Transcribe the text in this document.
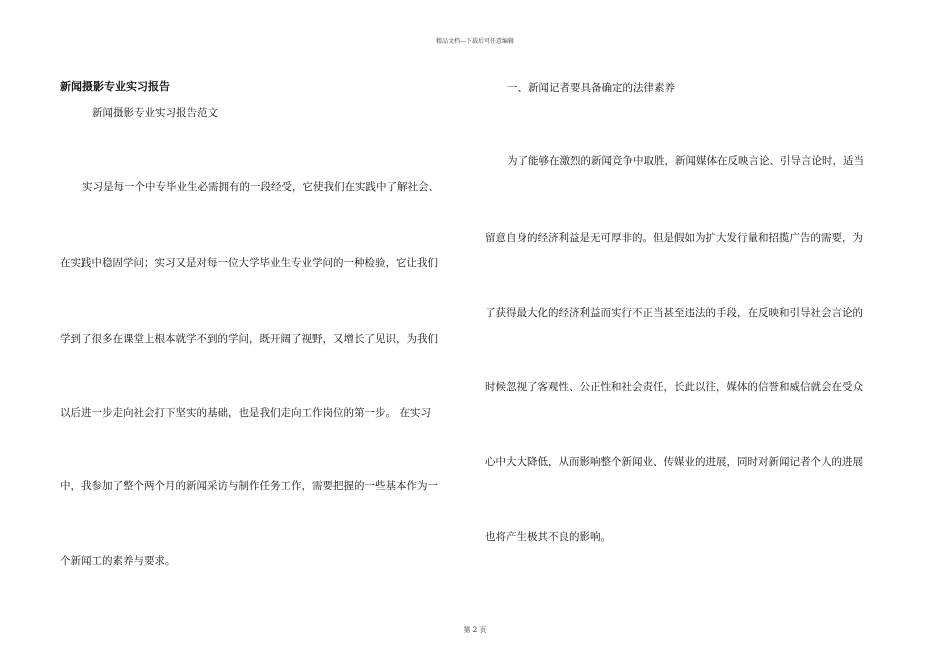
精品文档---下载后可任意编辑
新闻摄影专业实习报告
新闻摄影专业实习报告范文
实习是每一个中专毕业生必需拥有的一段经受，它使我们在实践中了解社会、
在实践中稳固学问；实习又是对每一位大学毕业生专业学问的一种检验，它让我们
学到了很多在课堂上根本就学不到的学问，既开阔了视野，又增长了见识，为我们
以后进一步走向社会打下坚实的基础，也是我们走向工作岗位的第一步。 在实习
中，我参加了整个两个月的新闻采访与制作任务工作，需要把握的一些基本作为一
个新闻工的素养与要求。
一、新闻记者要具备确定的法律素养
为了能够在激烈的新闻竞争中取胜，新闻媒体在反映言论、引导言论时，适当
留意自身的经济利益是无可厚非的。但是假如为扩大发行量和招揽广告的需要，为
了获得最大化的经济利益而实行不正当甚至违法的手段，在反映和引导社会言论的
时候忽视了客观性、公正性和社会责任，长此以往，媒体的信誉和威信就会在受众
心中大大降低，从而影响整个新闻业、传媒业的进展，同时对新闻记者个人的进展
也将产生极其不良的影响。
第 2 页
